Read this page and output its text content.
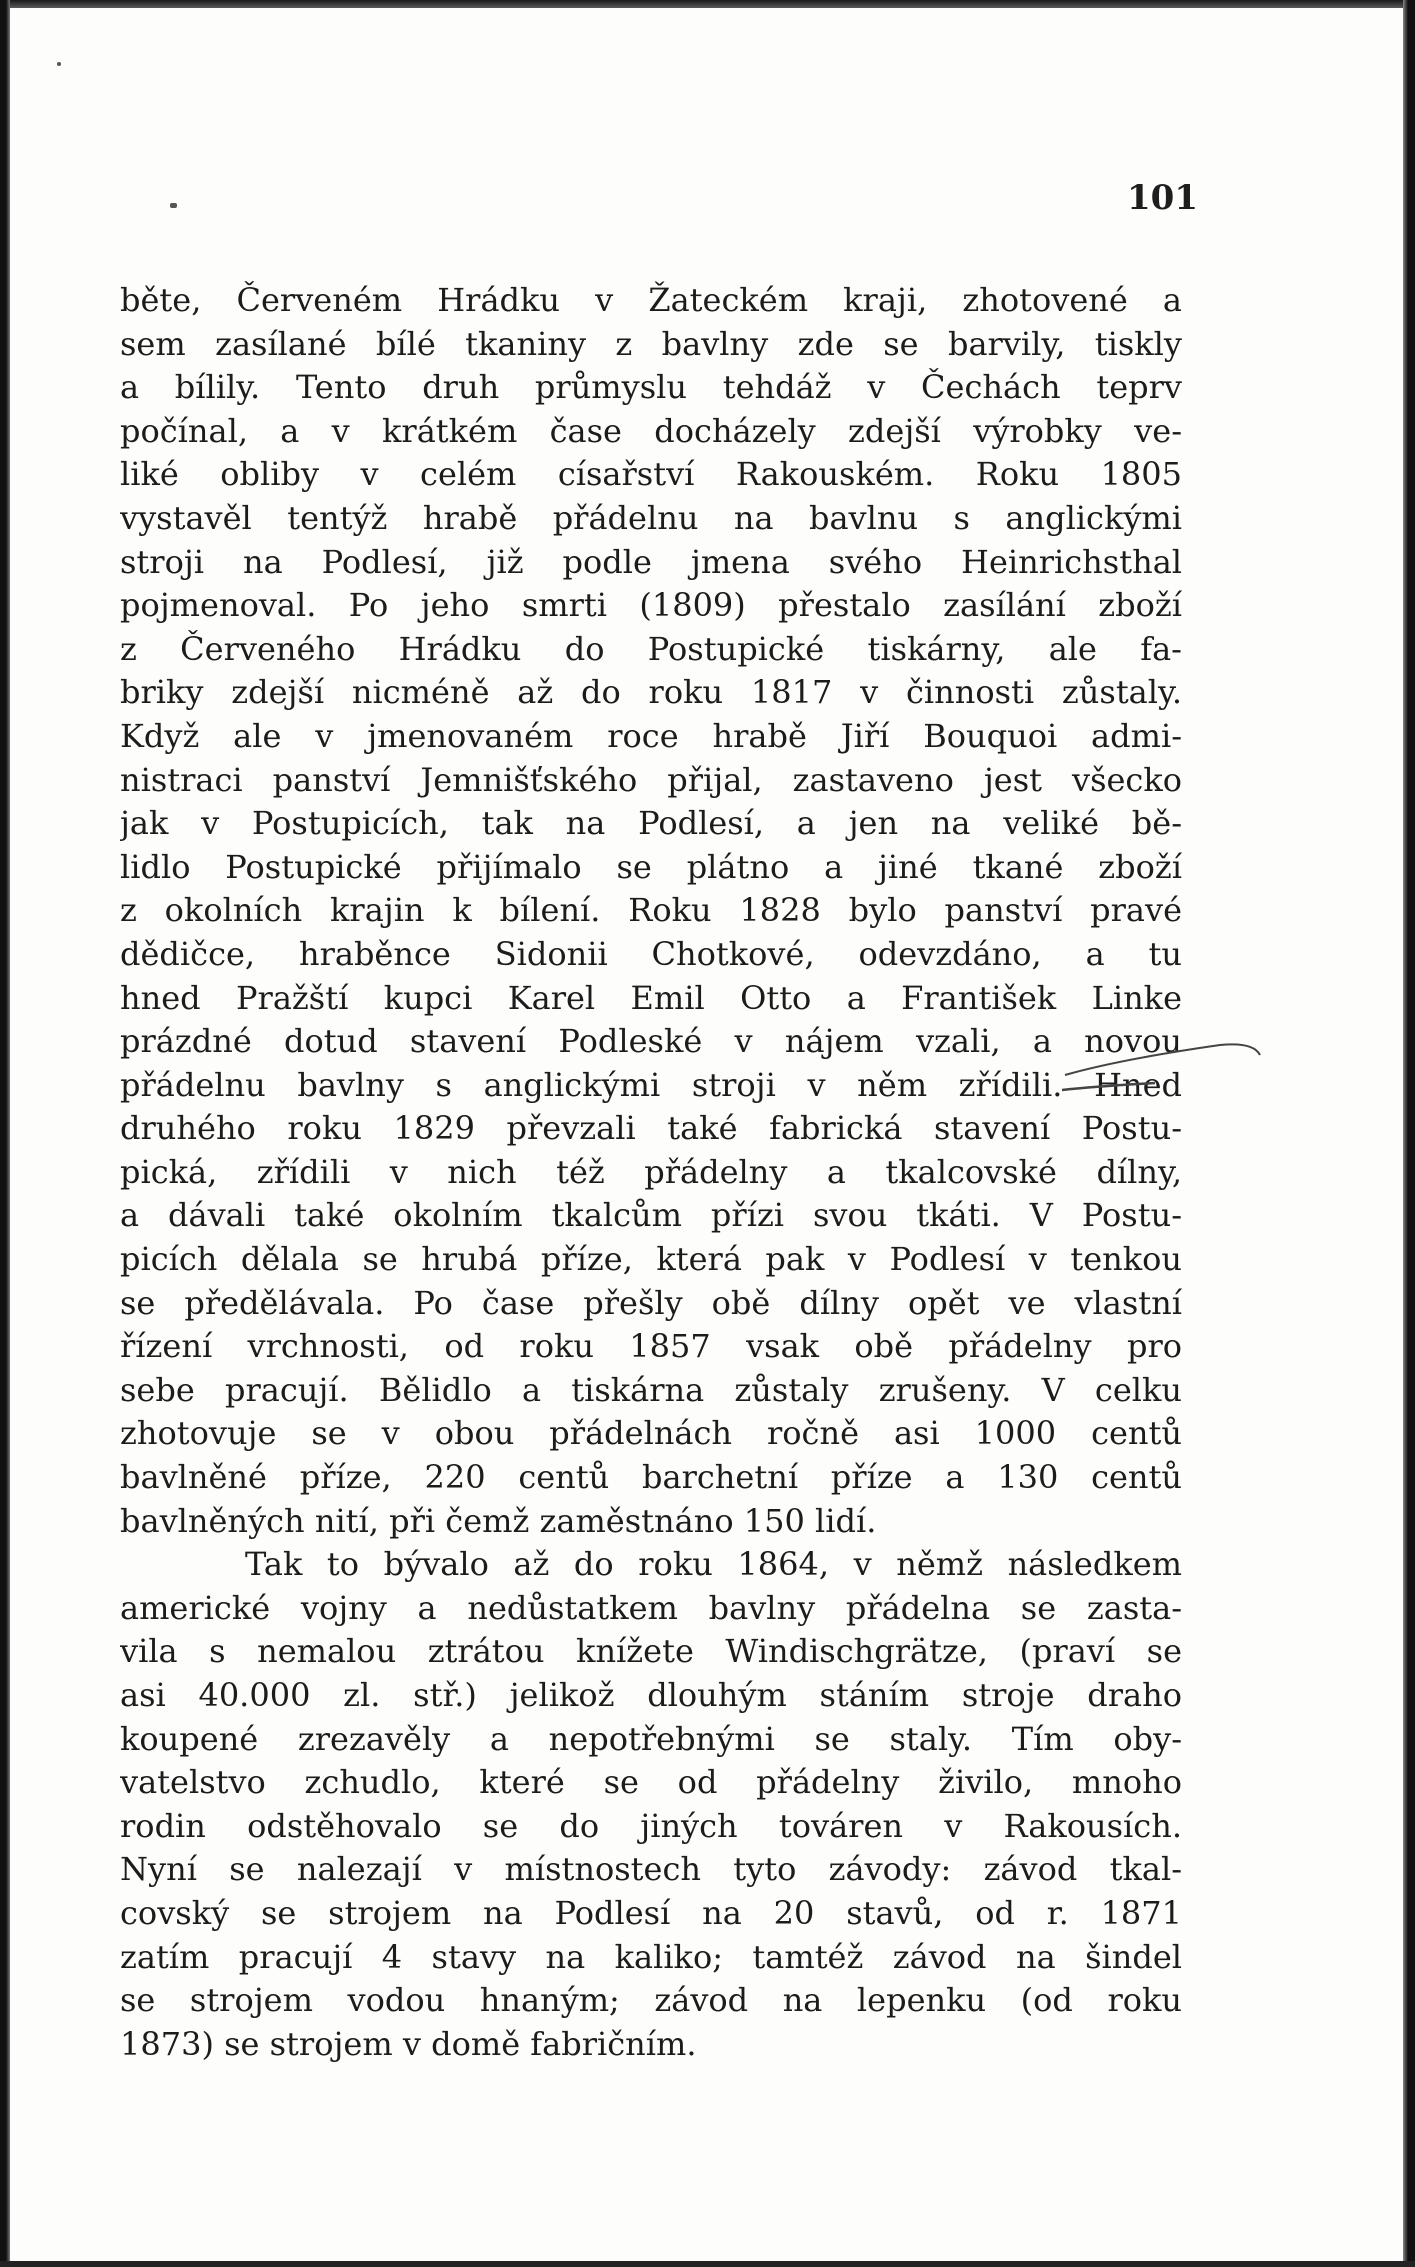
101
běte, Červeném Hrádku v Žateckém kraji, zhotovené a
sem zasílané bílé tkaniny z bavlny zde se barvily, tiskly
a bílily. Tento druh průmyslu tehdáž v Čechách teprv
počínal, a v krátkém čase docházely zdejší výrobky ve-
liké obliby v celém císařství Rakouském. Roku 1805
vystavěl tentýž hrabě přádelnu na bavlnu s anglickými
stroji na Podlesí, již podle jmena svého Heinrichsthal
pojmenoval. Po jeho smrti (1809) přestalo zasílání zboží
z Červeného Hrádku do Postupické tiskárny, ale fa-
briky zdejší nicméně až do roku 1817 v činnosti zůstaly.
Když ale v jmenovaném roce hrabě Jiří Bouquoi admi-
nistraci panství Jemnišťského přijal, zastaveno jest všecko
jak v Postupicích, tak na Podlesí, a jen na veliké bě-
lidlo Postupické přijímalo se plátno a jiné tkané zboží
z okolních krajin k bílení. Roku 1828 bylo panství pravé
dědičce, hraběnce Sidonii Chotkové, odevzdáno, a tu
hned Pražští kupci Karel Emil Otto a František Linke
prázdné dotud stavení Podleské v nájem vzali, a novou
přádelnu bavlny s anglickými stroji v něm zřídili. Hned
druhého roku 1829 převzali také fabrická stavení Postu-
pická, zřídili v nich též přádelny a tkalcovské dílny,
a dávali také okolním tkalcům přízi svou tkáti. V Postu-
picích dělala se hrubá příze, která pak v Podlesí v tenkou
se předělávala. Po čase přešly obě dílny opět ve vlastní
řízení vrchnosti, od roku 1857 vsak obě přádelny pro
sebe pracují. Bělidlo a tiskárna zůstaly zrušeny. V celku
zhotovuje se v obou přádelnách ročně asi 1000 centů
bavlněné příze, 220 centů barchetní příze a 130 centů
bavlněných nití, při čemž zaměstnáno 150 lidí.
Tak to bývalo až do roku 1864, v němž následkem
americké vojny a nedůstatkem bavlny přádelna se zasta-
vila s nemalou ztrátou knížete Windischgrätze, (praví se
asi 40.000 zl. stř.) jelikož dlouhým stáním stroje draho
koupené zrezavěly a nepotřebnými se staly. Tím oby-
vatelstvo zchudlo, které se od přádelny živilo, mnoho
rodin odstěhovalo se do jiných továren v Rakousích.
Nyní se nalezají v místnostech tyto závody: závod tkal-
covský se strojem na Podlesí na 20 stavů, od r. 1871
zatím pracují 4 stavy na kaliko; tamtéž závod na šindel
se strojem vodou hnaným; závod na lepenku (od roku
1873) se strojem v domě fabričním.
